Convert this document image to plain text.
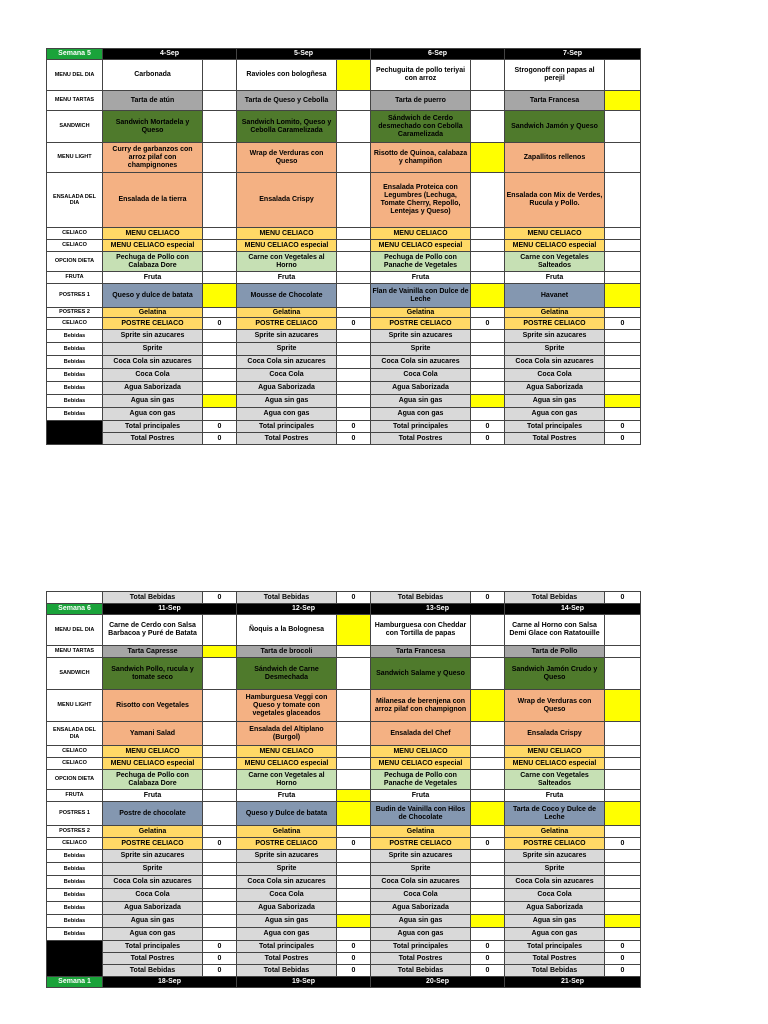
Semana 5	4-Sep		5-Sep		6-Sep		7-Sep	
MENU DEL DIA	Carbonada		Ravioles con bologñesa		Pechuguita de pollo teriyai con arroz		Strogonoff con papas al perejil	
MENU TARTAS	Tarta de atún		Tarta de Queso y Cebolla		Tarta de puerro		Tarta Francesa	
SANDWICH	Sandwich Mortadela y Queso		Sandwich Lomito, Queso y Cebolla Caramelizada		Sándwich de Cerdo desmechado con Cebolla Caramelizada		Sandwich Jamón y Queso	
MENU LIGHT	Curry de garbanzos con arroz pilaf con champignones		Wrap de Verduras con Queso		Risotto de Quinoa, calabaza y champiñon		Zapallitos rellenos	
ENSALADA DEL DIA	Ensalada de la tierra		Ensalada Crispy		Ensalada Proteica con Legumbres (Lechuga, Tomate Cherry, Repollo, Lentejas y Queso)		Ensalada con Mix de Verdes, Rucula y Pollo.	
CELIACO	MENU CELIACO		MENU CELIACO		MENU CELIACO		MENU CELIACO	
CELIACO	MENU CELIACO especial		MENU CELIACO especial		MENU CELIACO especial		MENU CELIACO especial	
OPCION DIETA	Pechuga de Pollo con Calabaza Dore		Carne con Vegetales al Horno		Pechuga de Pollo con Panache de Vegetales		Carne con Vegetales Salteados	
FRUTA	Fruta		Fruta		Fruta		Fruta	
POSTRES 1	Queso y dulce de batata		Mousse de Chocolate		Flan de Vainilla con Dulce de Leche		Havanet	
POSTRES 2	Gelatina		Gelatina		Gelatina		Gelatina	
CELIACO	POSTRE CELIACO	0	POSTRE CELIACO	0	POSTRE CELIACO	0	POSTRE CELIACO	0
Bebidas	Sprite sin azucares		Sprite sin azucares		Sprite sin azucares		Sprite sin azucares	
Bebidas	Sprite		Sprite		Sprite		Sprite	
Bebidas	Coca Cola sin azucares		Coca Cola sin azucares		Coca Cola sin azucares		Coca Cola sin azucares	
Bebidas	Coca Cola		Coca Cola		Coca Cola		Coca Cola	
Bebidas	Agua Saborizada		Agua Saborizada		Agua Saborizada		Agua Saborizada	
Bebidas	Agua sin gas		Agua sin gas		Agua sin gas		Agua sin gas	
Bebidas	Agua con gas		Agua con gas		Agua con gas		Agua con gas	
	Total principales	0	Total principales	0	Total principales	0	Total principales	0
	Total Postres	0	Total Postres	0	Total Postres	0	Total Postres	0
	Total Bebidas	0	Total Bebidas	0	Total Bebidas	0	Total Bebidas	0
Semana 6	11-Sep		12-Sep		13-Sep		14-Sep	
MENU DEL DIA	Carne de Cerdo con Salsa Barbacoa y Puré de Batata		Ñoquis a la Bolognesa		Hamburguesa con Cheddar con Tortilla de papas		Carne al Horno con Salsa Demi Glace con Ratatouille	
MENU TARTAS	Tarta Capresse		Tarta de brocoli		Tarta Francesa		Tarta de Pollo	
SANDWICH	Sandwich Pollo, rucula y tomate seco		Sándwich de Carne Desmechada		Sandwich Salame y Queso		Sandwich Jamón Crudo y Queso	
MENU LIGHT	Risotto con Vegetales		Hamburguesa Veggi con Queso y tomate con vegetales glaceados		Milanesa de berenjena con arroz pilaf con champignon		Wrap de Verduras con Queso	
ENSALADA DEL DIA	Yamani Salad		Ensalada del Altiplano (Burgol)		Ensalada del Chef		Ensalada Crispy	
CELIACO	MENU CELIACO		MENU CELIACO		MENU CELIACO		MENU CELIACO	
CELIACO	MENU CELIACO especial		MENU CELIACO especial		MENU CELIACO especial		MENU CELIACO especial	
OPCION DIETA	Pechuga de Pollo con Calabaza Dore		Carne con Vegetales al Horno		Pechuga de Pollo con Panache de Vegetales		Carne con Vegetales Salteados	
FRUTA	Fruta		Fruta		Fruta		Fruta	
POSTRES 1	Postre de chocolate		Queso y Dulce de batata		Budin de Vainilla con Hilos de Chocolate		Tarta de Coco y Dulce de Leche	
POSTRES 2	Gelatina		Gelatina		Gelatina		Gelatina	
CELIACO	POSTRE CELIACO	0	POSTRE CELIACO	0	POSTRE CELIACO	0	POSTRE CELIACO	0
Bebidas	Sprite sin azucares		Sprite sin azucares		Sprite sin azucares		Sprite sin azucares	
Bebidas	Sprite		Sprite		Sprite		Sprite	
Bebidas	Coca Cola sin azucares		Coca Cola sin azucares		Coca Cola sin azucares		Coca Cola sin azucares	
Bebidas	Coca Cola		Coca Cola		Coca Cola		Coca Cola	
Bebidas	Agua Saborizada		Agua Saborizada		Agua Saborizada		Agua Saborizada	
Bebidas	Agua sin gas		Agua sin gas		Agua sin gas		Agua sin gas	
Bebidas	Agua con gas		Agua con gas		Agua con gas		Agua con gas	
	Total principales	0	Total principales	0	Total principales	0	Total principales	0
	Total Postres	0	Total Postres	0	Total Postres	0	Total Postres	0
	Total Bebidas	0	Total Bebidas	0	Total Bebidas	0	Total Bebidas	0
Semana 1	18-Sep		19-Sep		20-Sep		21-Sep	
